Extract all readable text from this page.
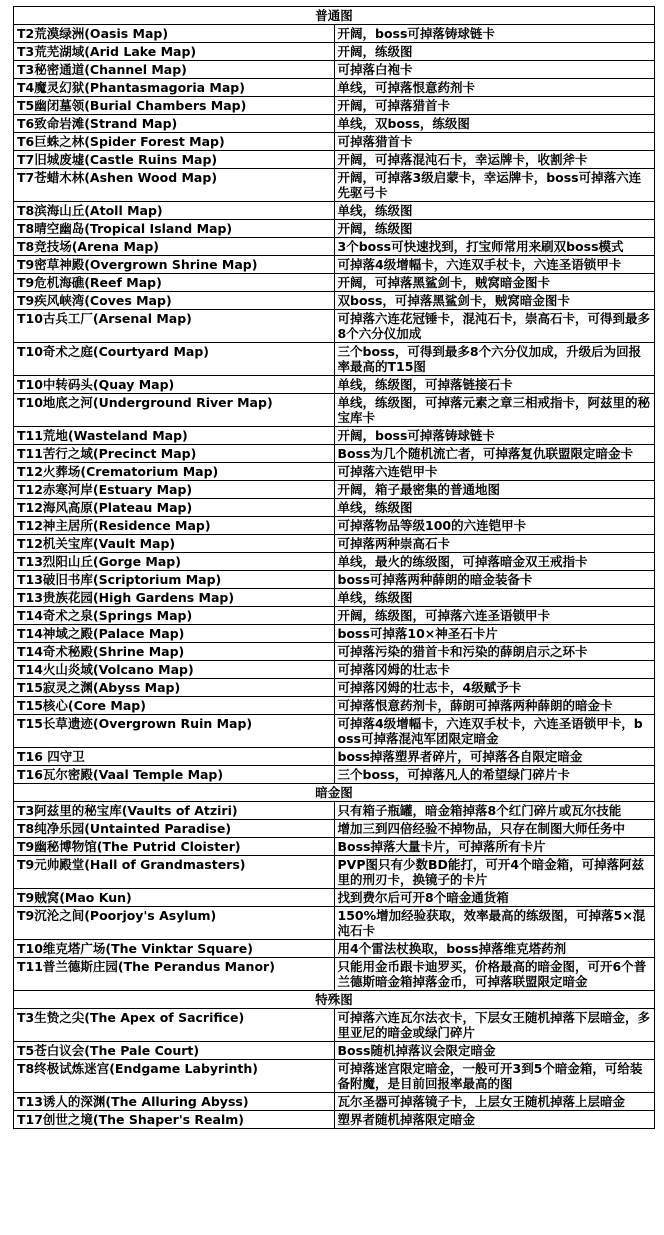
普通图	
T2荒漠绿洲(Oasis Map)	开阔，boss可掉落铸球链卡
T3荒芜湖域(Arid Lake Map)	开阔，练级图
T3秘密通道(Channel Map)	可掉落白袍卡
T4魔灵幻狱(Phantasmagoria Map)	单线，可掉落恨意药剂卡
T5幽闭墓领(Burial Chambers Map)	开阔，可掉落猎首卡
T6致命岩滩(Strand Map)	单线，双boss，练级图
T6巨蛛之林(Spider Forest Map)	可掉落猎首卡
T7旧城废墟(Castle Ruins Map)	开阔，可掉落混沌石卡，幸运牌卡，收割斧卡
T7苍蜡木林(Ashen Wood Map)	开阔，可掉落3级启蒙卡，幸运牌卡，boss可掉落六连先驱弓卡
T8滨海山丘(Atoll Map)	单线，练级图
T8晴空幽岛(Tropical Island Map)	开阔，练级图
T8竞技场(Arena Map)	3个boss可快速找到，打宝师常用来刷双boss模式
T9密草神殿(Overgrown Shrine Map)	可掉落4级增幅卡，六连双手杖卡，六连圣语锁甲卡
T9危机海礁(Reef Map)	开阔，可掉落黑鲨剑卡，贼窝暗金图卡
T9疾风峡湾(Coves Map)	双boss，可掉落黑鲨剑卡，贼窝暗金图卡
T10古兵工厂(Arsenal Map)	可掉落六连花冠锤卡，混沌石卡，崇高石卡，可得到最多8个六分仪加成
T10奇术之庭(Courtyard Map)	三个boss，可得到最多8个六分仪加成，升级后为回报率最高的T15图
T10中转码头(Quay Map)	单线，练级图，可掉落链接石卡
T10地底之河(Underground River Map)	单线，练级图，可掉落元素之章三相戒指卡，阿兹里的秘宝库卡
T11荒地(Wasteland Map)	开阔，boss可掉落铸球链卡
T11苦行之域(Precinct Map)	Boss为几个随机流亡者，可掉落复仇联盟限定暗金卡
T12火葬场(Crematorium Map)	可掉落六连铠甲卡
T12赤寒河岸(Estuary Map)	开阔，箱子最密集的普通地图
T12海风高原(Plateau Map)	单线，练级图
T12神主居所(Residence Map)	可掉落物品等级100的六连铠甲卡
T12机关宝库(Vault Map)	可掉落两种崇高石卡
T13烈阳山丘(Gorge Map)	单线，最火的练级图，可掉落暗金双王戒指卡
T13破旧书库(Scriptorium Map)	boss可掉落两种薛朗的暗金装备卡
T13贵族花园(High Gardens Map)	单线，练级图
T14奇术之泉(Springs Map)	开阔，练级图，可掉落六连圣语锁甲卡
T14神域之殿(Palace Map)	boss可掉落10×神圣石卡片
T14奇术秘殿(Shrine Map)	可掉落污染的猎首卡和污染的薛朗启示之环卡
T14火山炎域(Volcano Map)	可掉落冈姆的壮志卡
T15寂灵之渊(Abyss Map)	可掉落冈姆的壮志卡，4级赋予卡
T15核心(Core Map)	可掉落恨意药剂卡，薛朗可掉落两种薛朗的暗金卡
T15长草遗迹(Overgrown Ruin Map)	可掉落4级增幅卡，六连双手杖卡，六连圣语锁甲卡，boss可掉落混沌军团限定暗金
T16 四守卫	boss掉落塑界者碎片，可掉落各自限定暗金
T16瓦尔密殿(Vaal Temple Map)	三个boss，可掉落凡人的希望绿门碎片卡
暗金图	
T3阿兹里的秘宝库(Vaults of Atziri)	只有箱子瓶罐，暗金箱掉落8个红门碎片或瓦尔技能
T8纯净乐园(Untainted Paradise)	增加三到四倍经验不掉物品，只存在制图大师任务中
T9幽秘博物馆(The Putrid Cloister)	Boss掉落大量卡片，可掉落所有卡片
T9元帅殿堂(Hall of Grandmasters)	PVP图只有少数BD能打，可开4个暗金箱，可掉落阿兹里的刑刃卡，换镜子的卡片
T9贼窝(Mao Kun)	找到费尔后可开8个暗金通货箱
T9沉沦之间(Poorjoy's Asylum)	150%增加经验获取，效率最高的练级图，可掉落5×混沌石卡
T10维克塔广场(The Vinktar Square)	用4个雷法杖换取，boss掉落维克塔药剂
T11普兰德斯庄园(The Perandus Manor)	只能用金币跟卡迪罗买，价格最高的暗金图，可开6个普兰德斯暗金箱掉落金币，可掉落联盟限定暗金
特殊图	
T3生贽之尖(The Apex of Sacrifice)	可掉落六连瓦尔法衣卡，下层女王随机掉落下层暗金，多里亚尼的暗金或绿门碎片
T5苍白议会(The Pale Court)	Boss随机掉落议会限定暗金
T8终极试炼迷宫(Endgame Labyrinth)	可掉落迷宫限定暗金，一般可开3到5个暗金箱，可给装备附魔，是目前回报率最高的图
T13诱人的深渊(The Alluring Abyss)	瓦尔圣器可掉落镜子卡，上层女王随机掉落上层暗金
T17创世之境(The Shaper's Realm)	塑界者随机掉落限定暗金
